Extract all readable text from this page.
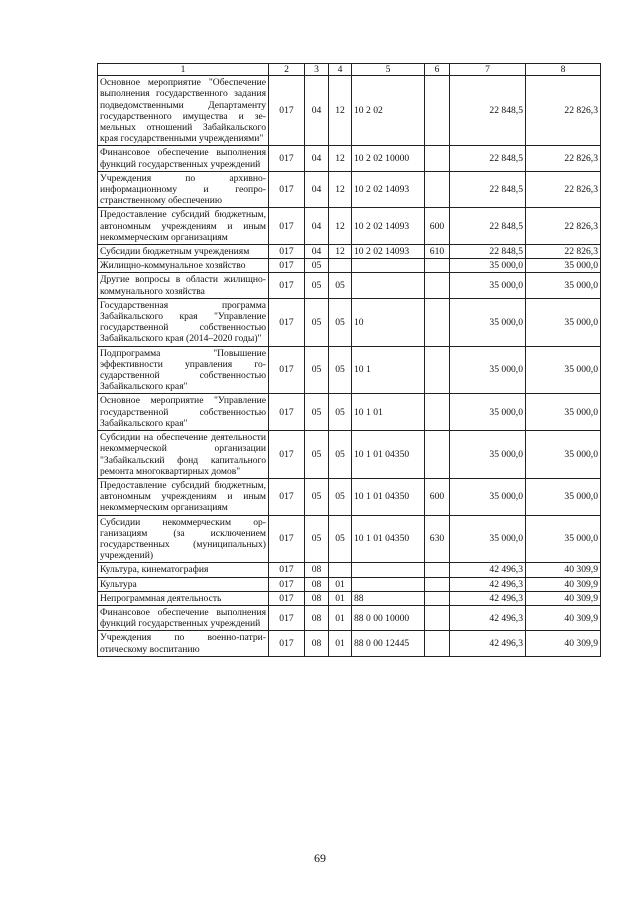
1	2	3	4	5	6	7	8
Основное мероприятие "Обеспечение выполнения государственного задания подведомственными Департаменту государственного имущества и земельных отношений Забайкальского края государственными учреждениями"	017	04	12	10 2 02		22 848,5	22 826,3
Финансовое обеспечение выполнения функций государственных учреждений	017	04	12	10 2 02 10000		22 848,5	22 826,3
Учреждения по архивно-информационному и геопространственному обеспечению	017	04	12	10 2 02 14093		22 848,5	22 826,3
Предоставление субсидий бюджетным, автономным учреждениям и иным некоммерческим организациям	017	04	12	10 2 02 14093	600	22 848,5	22 826,3
Субсидии бюджетным учреждениям	017	04	12	10 2 02 14093	610	22 848,5	22 826,3
Жилищно-коммунальное хозяйство	017	05				35 000,0	35 000,0
Другие вопросы в области жилищно-коммунального хозяйства	017	05	05			35 000,0	35 000,0
Государственная программа Забайкальского края "Управление государственной собственностью Забайкальского края (2014–2020 годы)"	017	05	05	10		35 000,0	35 000,0
Подпрограмма "Повышение эффективности управления государственной собственностью Забайкальского края"	017	05	05	10 1		35 000,0	35 000,0
Основное мероприятие "Управление государственной собственностью Забайкальского края"	017	05	05	10 1 01		35 000,0	35 000,0
Субсидии на обеспечение деятельности некоммерческой организации "Забайкальский фонд капитального ремонта многоквартирных домов"	017	05	05	10 1 01 04350		35 000,0	35 000,0
Предоставление субсидий бюджетным, автономным учреждениям и иным некоммерческим организациям	017	05	05	10 1 01 04350	600	35 000,0	35 000,0
Субсидии некоммерческим организациям (за исключением государственных (муниципальных) учреждений)	017	05	05	10 1 01 04350	630	35 000,0	35 000,0
Культура, кинематография	017	08				42 496,3	40 309,9
Культура	017	08	01			42 496,3	40 309,9
Непрограммная деятельность	017	08	01	88		42 496,3	40 309,9
Финансовое обеспечение выполнения функций государственных учреждений	017	08	01	88 0 00 10000		42 496,3	40 309,9
Учреждения по военно-патриотическому воспитанию	017	08	01	88 0 00 12445		42 496,3	40 309,9
69
